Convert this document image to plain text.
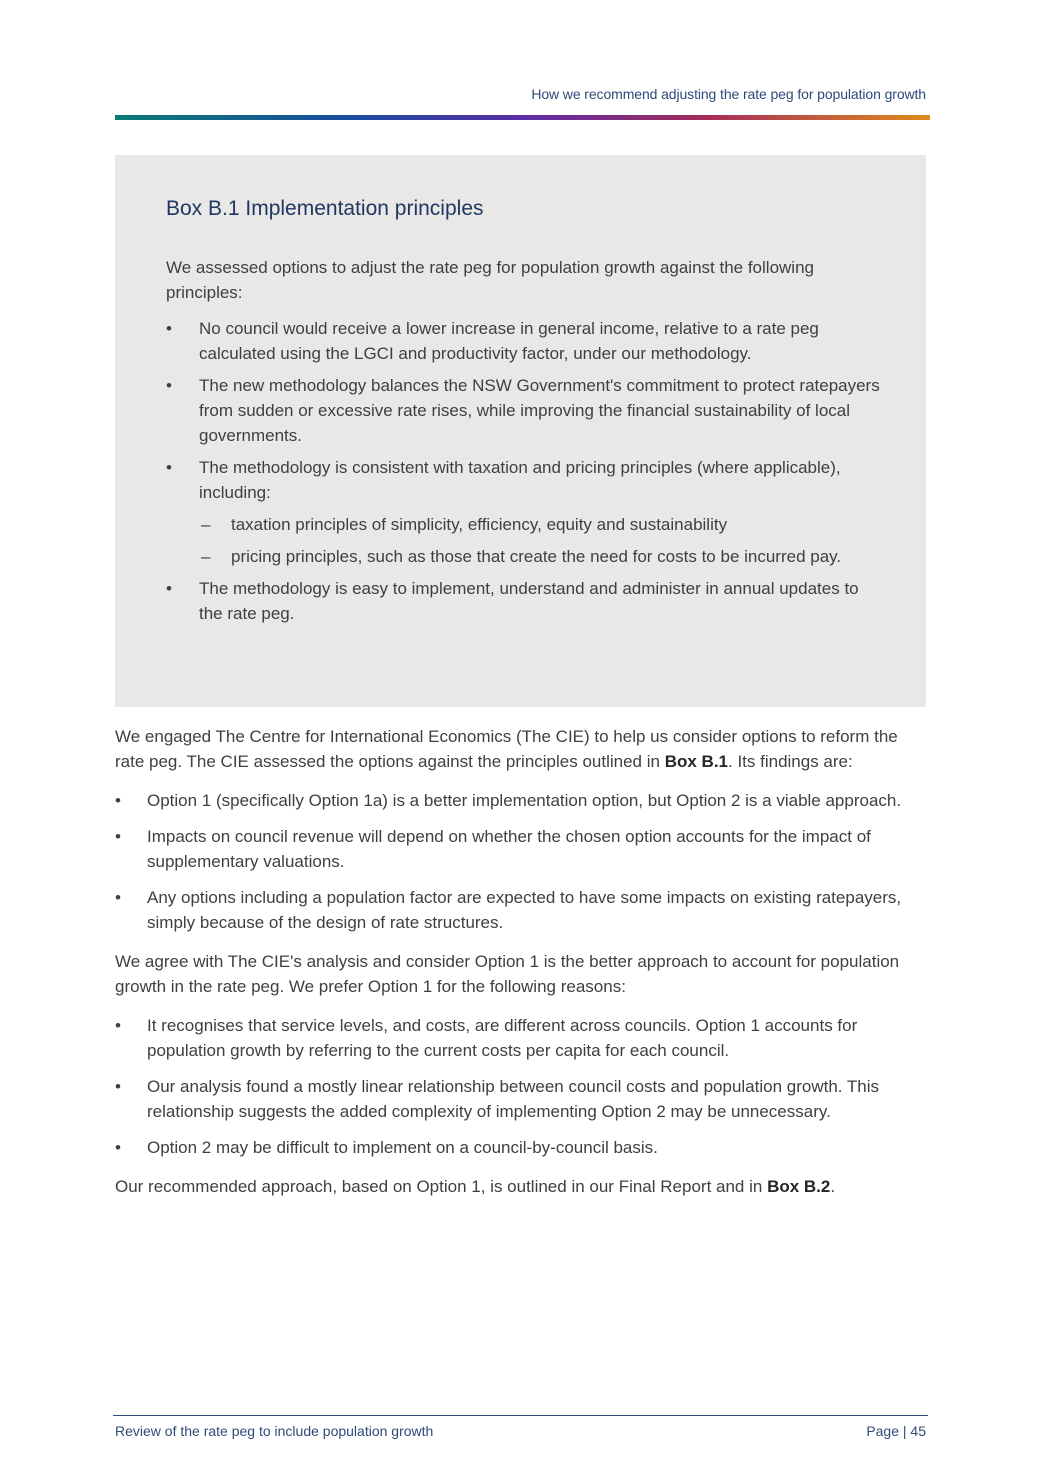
How we recommend adjusting the rate peg for population growth
Box B.1 Implementation principles

We assessed options to adjust the rate peg for population growth against the following principles:

• No council would receive a lower increase in general income, relative to a rate peg calculated using the LGCI and productivity factor, under our methodology.
• The new methodology balances the NSW Government's commitment to protect ratepayers from sudden or excessive rate rises, while improving the financial sustainability of local governments.
• The methodology is consistent with taxation and pricing principles (where applicable), including:
– taxation principles of simplicity, efficiency, equity and sustainability
– pricing principles, such as those that create the need for costs to be incurred pay.
• The methodology is easy to implement, understand and administer in annual updates to the rate peg.

We engaged The Centre for International Economics (The CIE) to help us consider options to reform the rate peg. The CIE assessed the options against the principles outlined in Box B.1. Its findings are:

• Option 1 (specifically Option 1a) is a better implementation option, but Option 2 is a viable approach.
• Impacts on council revenue will depend on whether the chosen option accounts for the impact of supplementary valuations.
• Any options including a population factor are expected to have some impacts on existing ratepayers, simply because of the design of rate structures.

We agree with The CIE's analysis and consider Option 1 is the better approach to account for population growth in the rate peg. We prefer Option 1 for the following reasons:

• It recognises that service levels, and costs, are different across councils. Option 1 accounts for population growth by referring to the current costs per capita for each council.
• Our analysis found a mostly linear relationship between council costs and population growth. This relationship suggests the added complexity of implementing Option 2 may be unnecessary.
• Option 2 may be difficult to implement on a council-by-council basis.

Our recommended approach, based on Option 1, is outlined in our Final Report and in Box B.2.

Review of the rate peg to include population growth	Page | 45
